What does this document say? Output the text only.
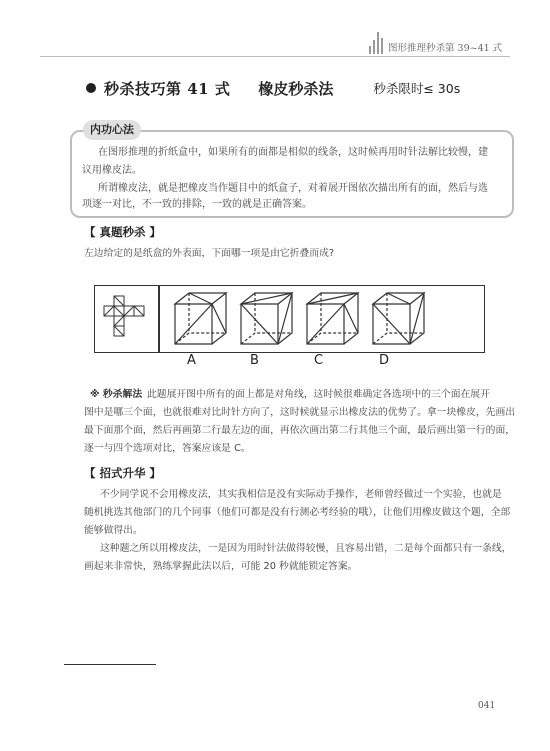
图形推理秒杀第 39~41 式
秒杀技巧第 41 式 橡皮秒杀法	秒杀限时≤ 30s

在图形推理的折纸盒中，如果所有的面都是相似的线条，这时候再用时针法解比较慢，建

议用橡皮法。

所谓橡皮法，就是把橡皮当作题目中的纸盒子，对着展开图依次描出所有的面，然后与选

项逐一对比，不一致的排除，一致的就是正确答案。

内功心法
【 真题秒杀 】
左边给定的是纸盒的外表面，下面哪一项是由它折叠而成?
A	B	C	D
※ 秒杀解法 此题展开图中所有的面上都是对角线，这时候很难确定各选项中的三个面在展开
图中是哪三个面，也就很难对比时针方向了，这时候就显示出橡皮法的优势了。拿一块橡皮，先画出
最下面那个面，然后再画第二行最左边的面，再依次画出第二行其他三个面，最后画出第一行的面，
逐一与四个选项对比，答案应该是 C。
【 招式升华 】
不少同学说不会用橡皮法，其实我相信是没有实际动手操作，老师曾经做过一个实验，也就是
随机挑选其他部门的几个同事（他们可都是没有行测必考经验的哦），让他们用橡皮做这个题，全部
能够做得出。
这种题之所以用橡皮法，一是因为用时针法做得较慢，且容易出错，二是每个面都只有一条线，
画起来非常快，熟练掌握此法以后，可能 20 秒就能锁定答案。
041
